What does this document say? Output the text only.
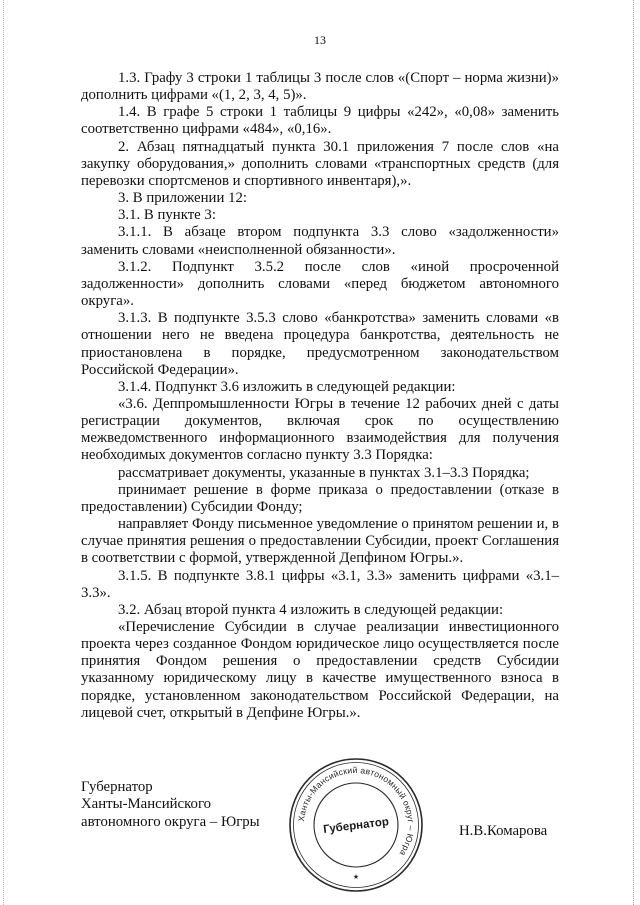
13

1.3. Графу 3 строки 1 таблицы 3 после слов «(Спорт – норма жизни)» дополнить цифрами «(1, 2, 3, 4, 5)».

1.4. В графе 5 строки 1 таблицы 9 цифры «242», «0,08» заменить соответственно цифрами «484», «0,16».

2. Абзац пятнадцатый пункта 30.1 приложения 7 после слов «на закупку оборудования,» дополнить словами «транспортных средств (для перевозки спортсменов и спортивного инвентаря),».

3. В приложении 12:

3.1. В пункте 3:

3.1.1. В абзаце втором подпункта 3.3 слово «задолженности» заменить словами «неисполненной обязанности».

3.1.2. Подпункт 3.5.2 после слов «иной просроченной задолженности» дополнить словами «перед бюджетом автономного округа».

3.1.3. В подпункте 3.5.3 слово «банкротства» заменить словами «в отношении него не введена процедура банкротства, деятельность не приостановлена в порядке, предусмотренном законодательством Российской Федерации».

3.1.4. Подпункт 3.6 изложить в следующей редакции:

«3.6. Деппромышленности Югры в течение 12 рабочих дней с даты регистрации документов, включая срок по осуществлению межведомственного информационного взаимодействия для получения необходимых документов согласно пункту 3.3 Порядка:

рассматривает документы, указанные в пунктах 3.1–3.3 Порядка;

принимает решение в форме приказа о предоставлении (отказе в предоставлении) Субсидии Фонду;

направляет Фонду письменное уведомление о принятом решении и, в случае принятия решения о предоставлении Субсидии, проект Соглашения в соответствии с формой, утвержденной Депфином Югры.».

3.1.5. В подпункте 3.8.1 цифры «3.1, 3.3» заменить цифрами «3.1–3.3».

3.2. Абзац второй пункта 4 изложить в следующей редакции:

«Перечисление Субсидии в случае реализации инвестиционного проекта через созданное Фондом юридическое лицо осуществляется после принятия Фондом решения о предоставлении средств Субсидии указанному юридическому лицу в качестве имущественного взноса в порядке, установленном законодательством Российской Федерации, на лицевой счет, открытый в Депфине Югры.».

Губернатор
Ханты-Мансийского
автономного округа – Югры	Ханты-Мансийский автономный округ – Югра
Губернатор
★
Н.В.Комарова
